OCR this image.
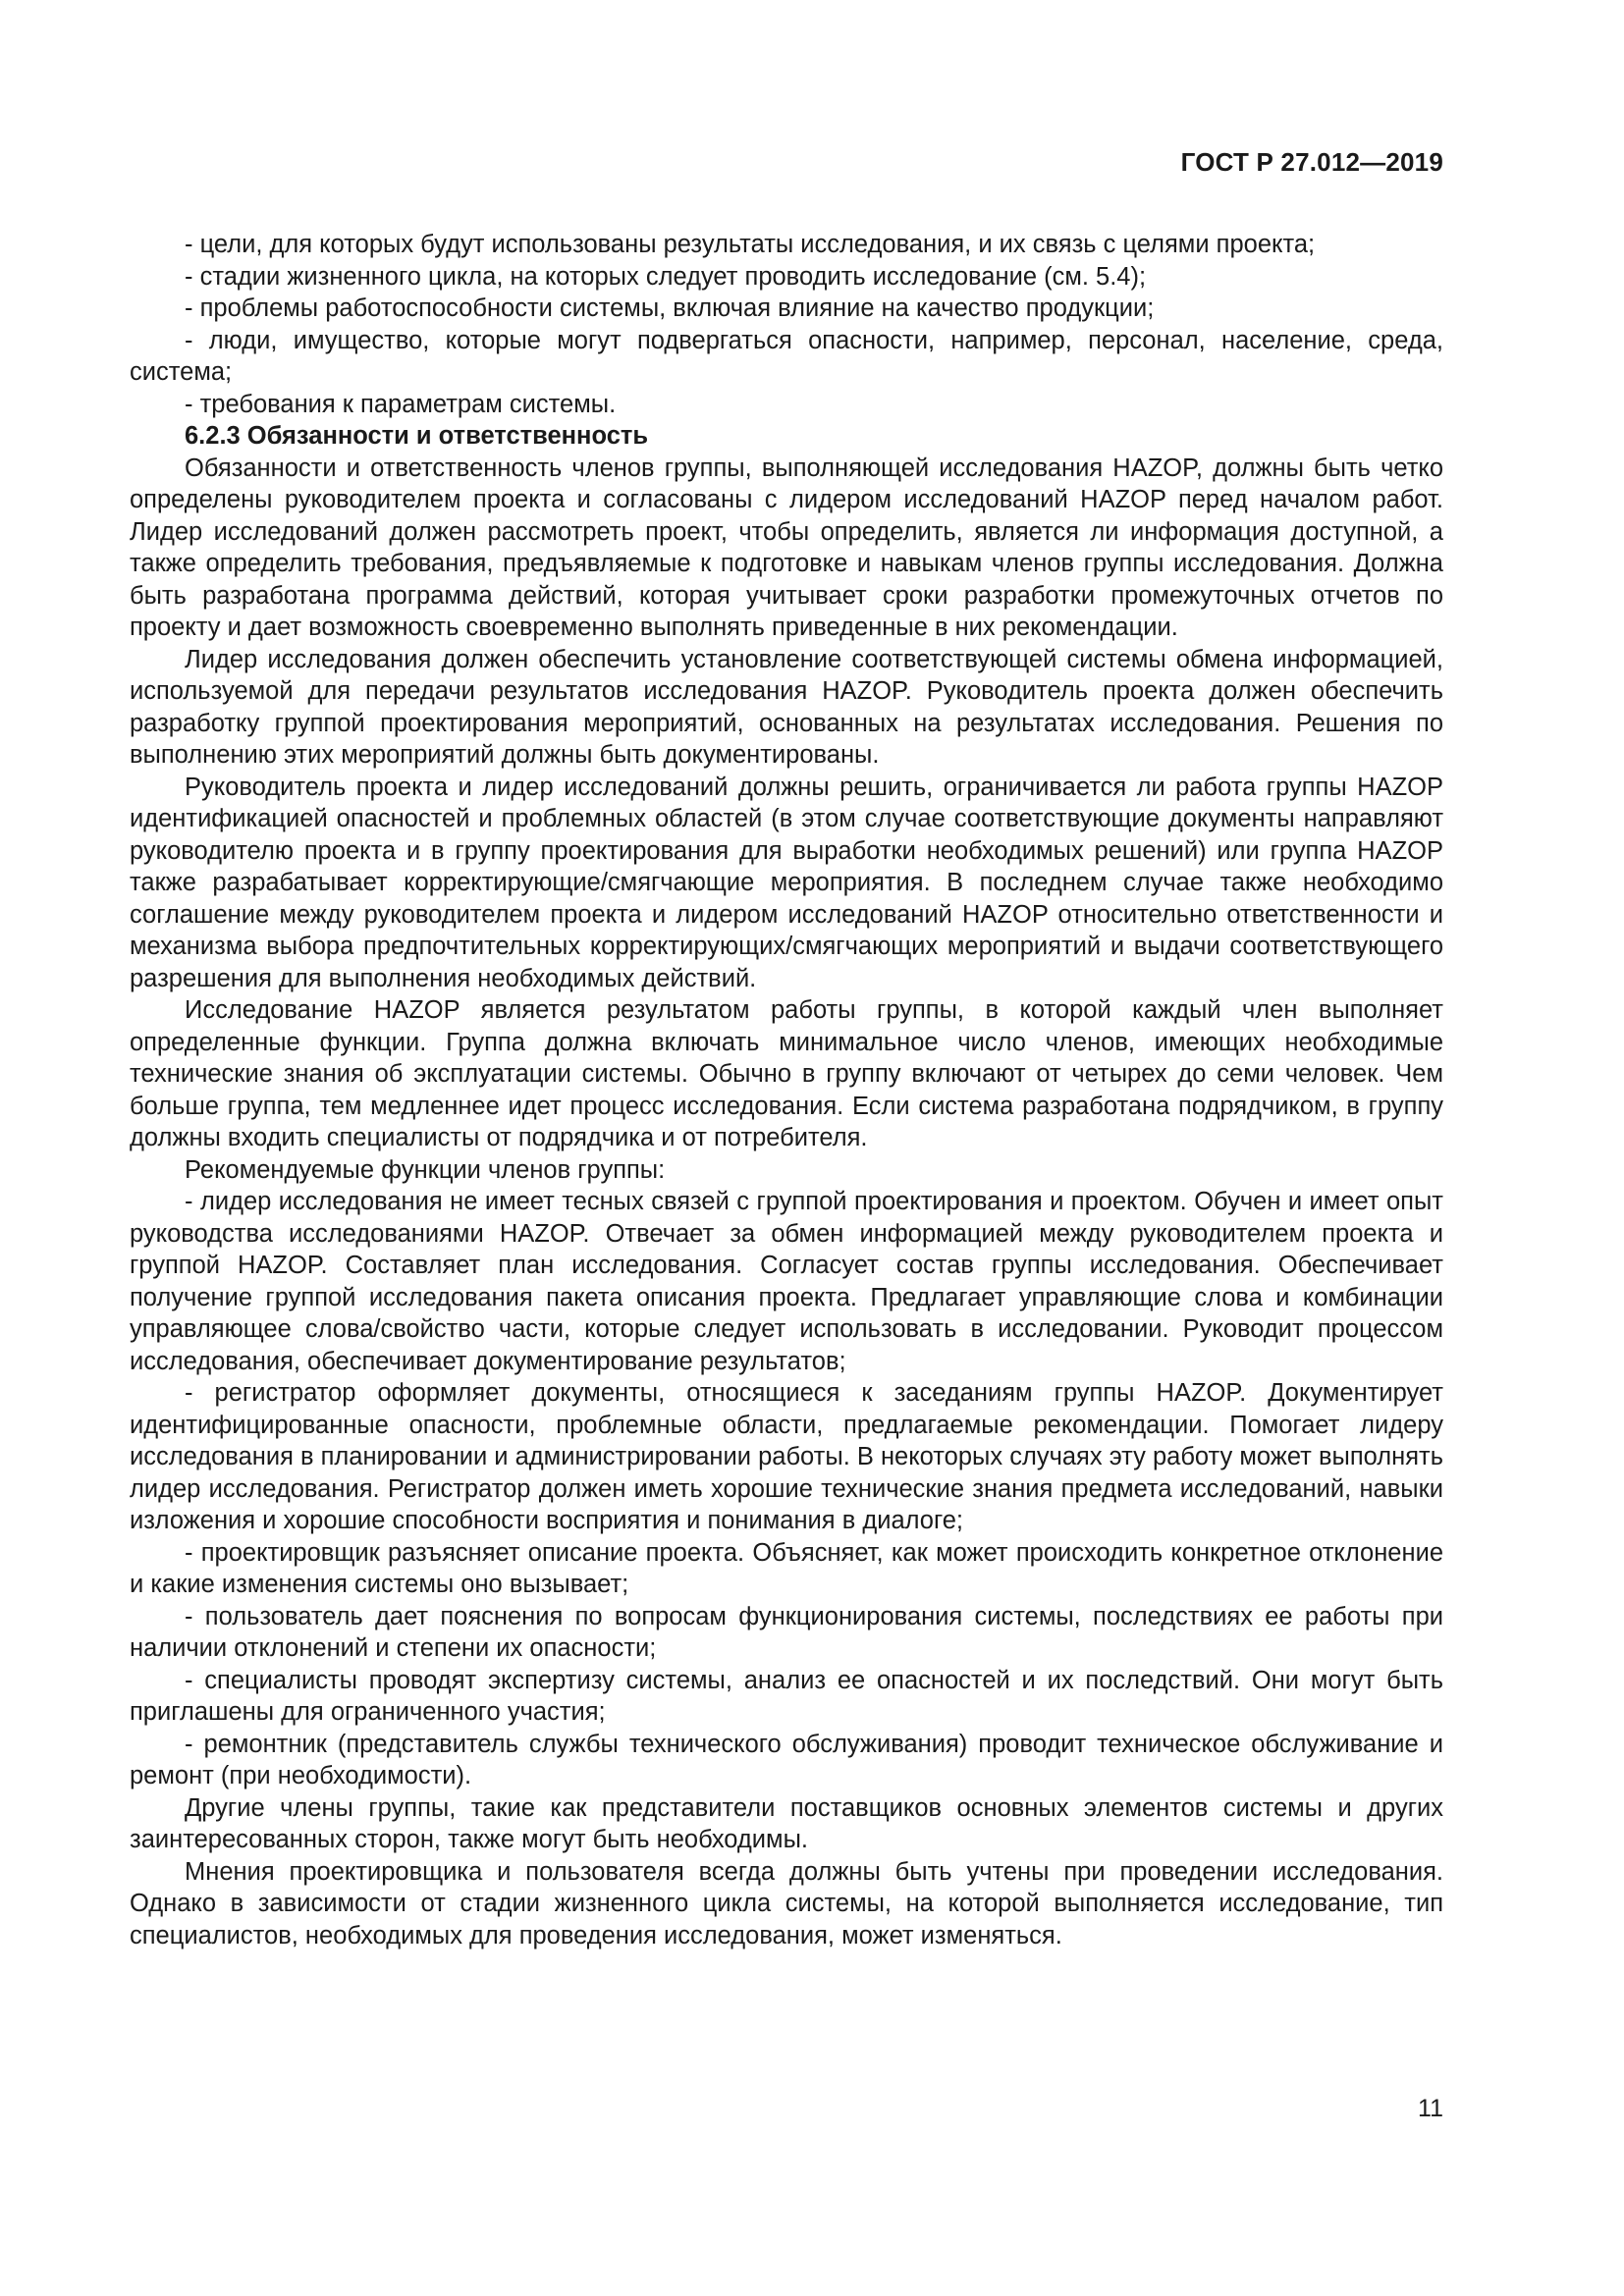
ГОСТ Р 27.012—2019

- цели, для которых будут использованы результаты исследования, и их связь с целями проекта;

- стадии жизненного цикла, на которых следует проводить исследование (см. 5.4);

- проблемы работоспособности системы, включая влияние на качество продукции;

- люди, имущество, которые могут подвергаться опасности, например, персонал, население, среда, система;

- требования к параметрам системы.

6.2.3 Обязанности и ответственность

Обязанности и ответственность членов группы, выполняющей исследования HAZOP, должны быть четко определены руководителем проекта и согласованы с лидером исследований HAZOP перед началом работ. Лидер исследований должен рассмотреть проект, чтобы определить, является ли информация доступной, а также определить требования, предъявляемые к подготовке и навыкам членов группы исследования. Должна быть разработана программа действий, которая учитывает сроки разработки промежуточных отчетов по проекту и дает возможность своевременно выполнять приведенные в них рекомендации.

Лидер исследования должен обеспечить установление соответствующей системы обмена информацией, используемой для передачи результатов исследования HAZOP. Руководитель проекта должен обеспечить разработку группой проектирования мероприятий, основанных на результатах исследования. Решения по выполнению этих мероприятий должны быть документированы.

Руководитель проекта и лидер исследований должны решить, ограничивается ли работа группы HAZOP идентификацией опасностей и проблемных областей (в этом случае соответствующие документы направляют руководителю проекта и в группу проектирования для выработки необходимых решений) или группа HAZOP также разрабатывает корректирующие/смягчающие мероприятия. В последнем случае также необходимо соглашение между руководителем проекта и лидером исследований HAZOP относительно ответственности и механизма выбора предпочтительных корректирующих/смягчающих мероприятий и выдачи соответствующего разрешения для выполнения необходимых действий.

Исследование HAZOP является результатом работы группы, в которой каждый член выполняет определенные функции. Группа должна включать минимальное число членов, имеющих необходимые технические знания об эксплуатации системы. Обычно в группу включают от четырех до семи человек. Чем больше группа, тем медленнее идет процесс исследования. Если система разработана подрядчиком, в группу должны входить специалисты от подрядчика и от потребителя.

Рекомендуемые функции членов группы:

- лидер исследования не имеет тесных связей с группой проектирования и проектом. Обучен и имеет опыт руководства исследованиями HAZOP. Отвечает за обмен информацией между руководителем проекта и группой HAZOP. Составляет план исследования. Согласует состав группы исследования. Обеспечивает получение группой исследования пакета описания проекта. Предлагает управляющие слова и комбинации управляющее слова/свойство части, которые следует использовать в исследовании. Руководит процессом исследования, обеспечивает документирование результатов;

- регистратор оформляет документы, относящиеся к заседаниям группы HAZOP. Документирует идентифицированные опасности, проблемные области, предлагаемые рекомендации. Помогает лидеру исследования в планировании и администрировании работы. В некоторых случаях эту работу может выполнять лидер исследования. Регистратор должен иметь хорошие технические знания предмета исследований, навыки изложения и хорошие способности восприятия и понимания в диалоге;

- проектировщик разъясняет описание проекта. Объясняет, как может происходить конкретное отклонение и какие изменения системы оно вызывает;

- пользователь дает пояснения по вопросам функционирования системы, последствиях ее работы при наличии отклонений и степени их опасности;

- специалисты проводят экспертизу системы, анализ ее опасностей и их последствий. Они могут быть приглашены для ограниченного участия;

- ремонтник (представитель службы технического обслуживания) проводит техническое обслуживание и ремонт (при необходимости).

Другие члены группы, такие как представители поставщиков основных элементов системы и других заинтересованных сторон, также могут быть необходимы.

Мнения проектировщика и пользователя всегда должны быть учтены при проведении исследования. Однако в зависимости от стадии жизненного цикла системы, на которой выполняется исследование, тип специалистов, необходимых для проведения исследования, может изменяться.

11
